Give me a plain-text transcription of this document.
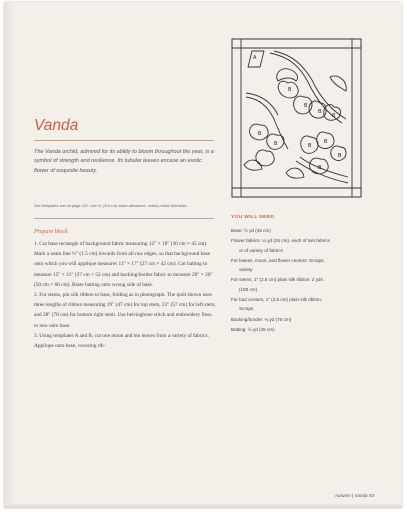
A
B
B
B
B
B
B	B
B
B
B
Vanda

The Vanda orchid, admired for its ability to bloom throughout the year, is a symbol of strength and resilience. Its tubular leaves encase an exotic flower of exquisite beauty.

See templates and on page 152. Use ¼" (0.6 cm) seam allowance, unless noted otherwise.

Prepare block

1. Cut base rectangle of background fabric measuring 12" × 18" (30 cm × 45 cm). Mark a seam line ½" (1.5 cm) inwards from all raw edges, so that background base onto which you will applique measures 11" × 17" (27 cm × 42 cm). Cut batting to measure 15" × 21" (37 cm × 52 cm) and backing/border fabric to measure 20" × 26" (50 cm × 66 cm). Baste batting onto wrong side of base.

2. For stems, pin silk ribbon to base, folding as in photograph. The quilt shown uses three lengths of ribbon measuring 19" (47 cm) for top stem, 23" (57 cm) for left stem, and 28" (70 cm) for bottom right stem. Use herringbone stitch and embroidery floss to sew onto base.

3. Using templates A and B, cut one moon and ten leaves from a variety of fabrics. Applique onto base, covering rib-

YOU WILL NEED
Base: ½ yd (45 cm)
Flower fabrics: ¼ yd (25 cm), each of two fabrics
or of variety of fabrics
For leaves, moon, and flower centers: Scraps,
variety
For stems, 1" (2.5 cm) plain silk ribbon: 2 yds
(180 cm)
For bud centers, 1" (2.5 cm) plain silk ribbon:
Scraps
Backing/border: ¾ yd (70 cm)
Batting: ½ yd (45 cm)
Autumn | Vanda 93
